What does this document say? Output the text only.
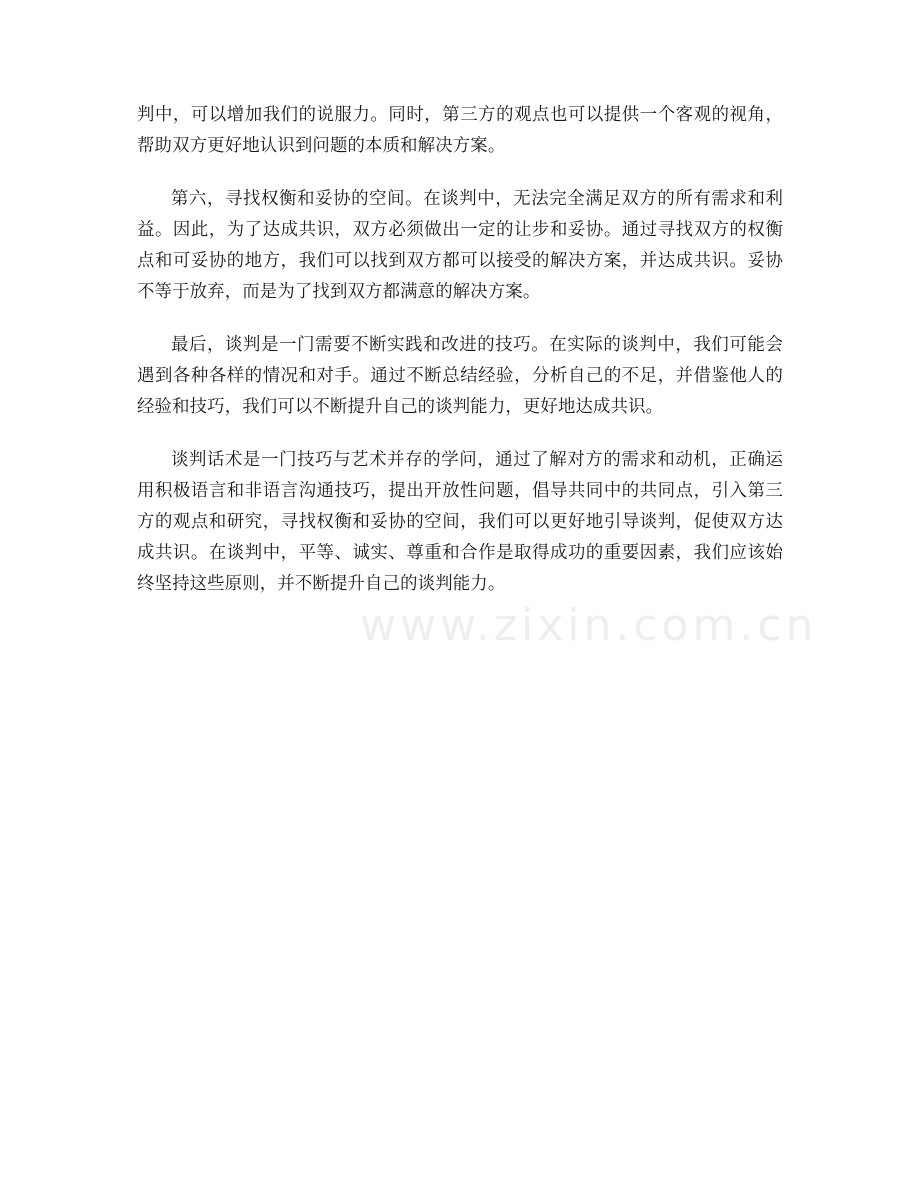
判中，可以增加我们的说服力。同时，第三方的观点也可以提供一个客观的视角，帮助双方更好地认识到问题的本质和解决方案。

第六，寻找权衡和妥协的空间。在谈判中，无法完全满足双方的所有需求和利益。因此，为了达成共识，双方必须做出一定的让步和妥协。通过寻找双方的权衡点和可妥协的地方，我们可以找到双方都可以接受的解决方案，并达成共识。妥协不等于放弃，而是为了找到双方都满意的解决方案。

最后，谈判是一门需要不断实践和改进的技巧。在实际的谈判中，我们可能会遇到各种各样的情况和对手。通过不断总结经验，分析自己的不足，并借鉴他人的经验和技巧，我们可以不断提升自己的谈判能力，更好地达成共识。

谈判话术是一门技巧与艺术并存的学问，通过了解对方的需求和动机，正确运用积极语言和非语言沟通技巧，提出开放性问题，倡导共同中的共同点，引入第三方的观点和研究，寻找权衡和妥协的空间，我们可以更好地引导谈判，促使双方达成共识。在谈判中，平等、诚实、尊重和合作是取得成功的重要因素，我们应该始终坚持这些原则，并不断提升自己的谈判能力。

www.zixin.com.cn
